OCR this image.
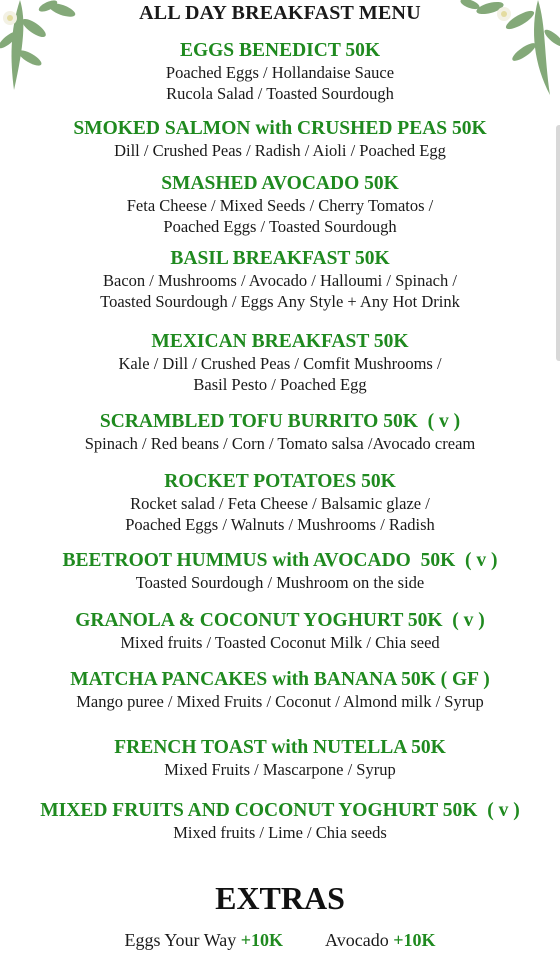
ALL DAY BREAKFAST MENU
EGGS BENEDICT 50K
Poached Eggs / Hollandaise Sauce
Rucola Salad / Toasted Sourdough
SMOKED SALMON with CRUSHED PEAS 50K
Dill / Crushed Peas / Radish / Aioli / Poached Egg
SMASHED AVOCADO 50K
Feta Cheese / Mixed Seeds / Cherry Tomatos /
Poached Eggs / Toasted Sourdough
BASIL BREAKFAST 50K
Bacon / Mushrooms / Avocado / Halloumi / Spinach /
Toasted Sourdough / Eggs Any Style + Any Hot Drink
MEXICAN BREAKFAST 50K
Kale / Dill / Crushed Peas / Comfit Mushrooms /
Basil Pesto / Poached Egg
SCRAMBLED TOFU BURRITO 50K  ( v )
Spinach / Red beans / Corn / Tomato salsa /Avocado cream
ROCKET POTATOES 50K
Rocket salad / Feta Cheese / Balsamic glaze /
Poached Eggs / Walnuts / Mushrooms / Radish
BEETROOT HUMMUS with AVOCADO  50K  ( v )
Toasted Sourdough / Mushroom on the side
GRANOLA & COCONUT YOGHURT 50K  ( v )
Mixed fruits / Toasted Coconut Milk / Chia seed
MATCHA PANCAKES with BANANA 50K ( GF )
Mango puree / Mixed Fruits / Coconut / Almond milk / Syrup
FRENCH TOAST with NUTELLA 50K
Mixed Fruits / Mascarpone / Syrup
MIXED FRUITS AND COCONUT YOGHURT 50K  ( v )
Mixed fruits / Lime / Chia seeds
EXTRAS
Eggs Your Way +10K Avocado +10K
